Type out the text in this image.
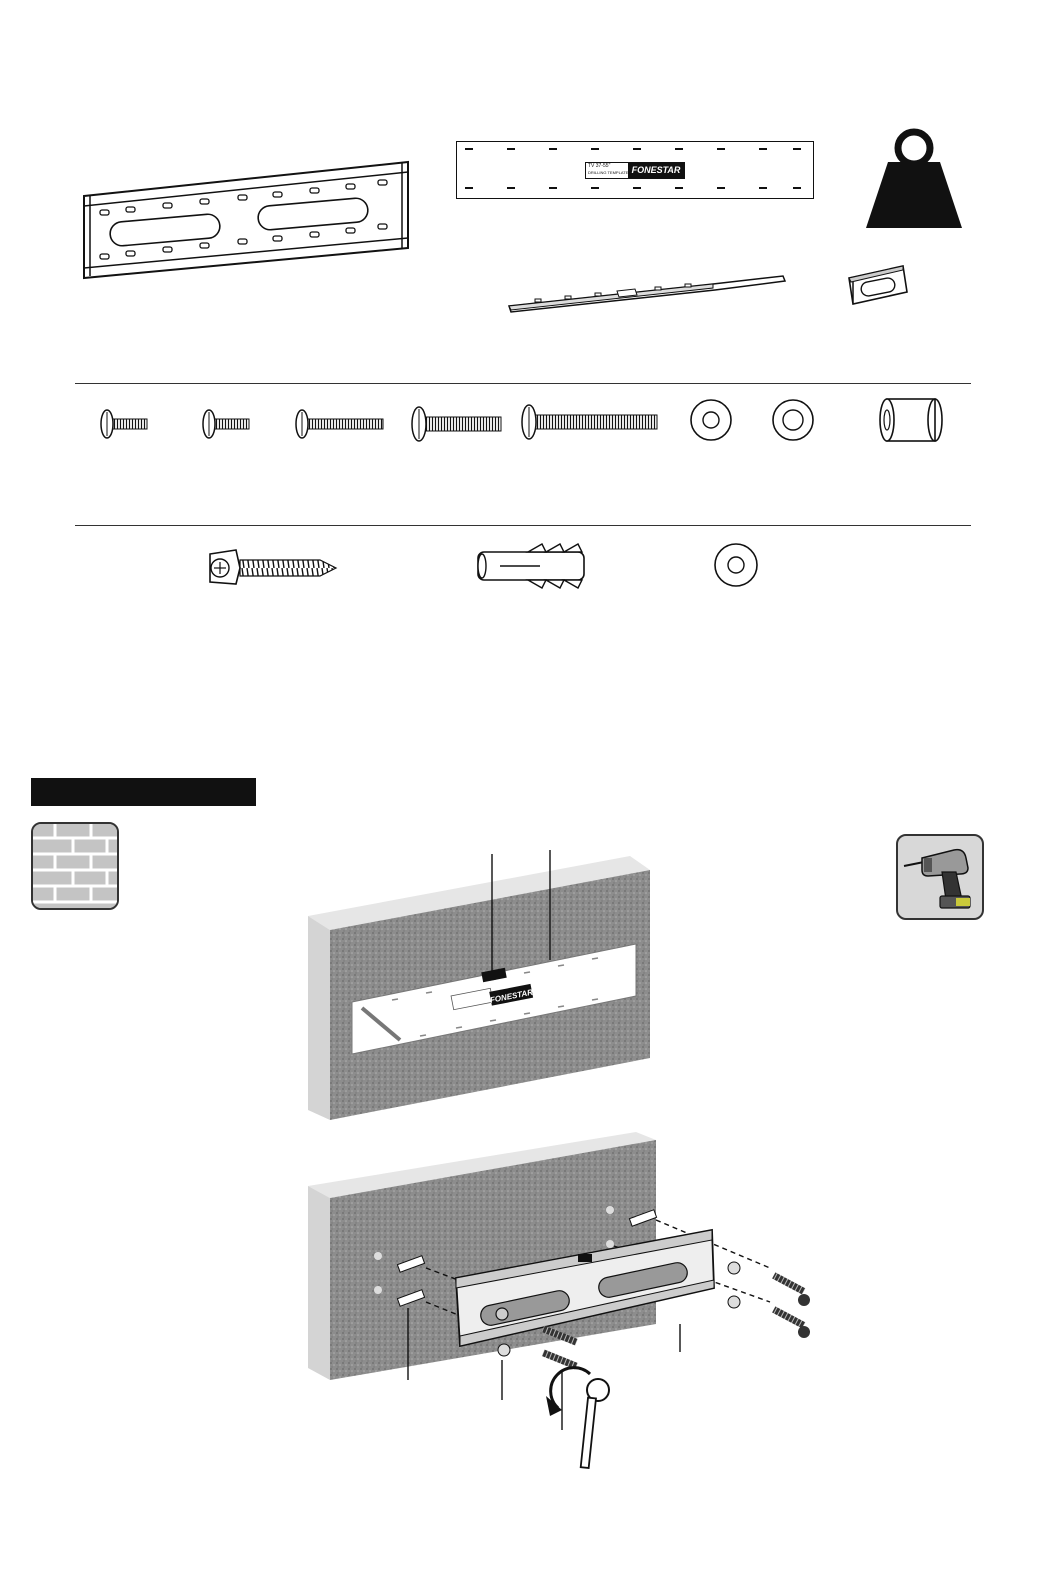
TV 37-55"
DRILLING TEMPLATE FONESTAR
FONESTAR
